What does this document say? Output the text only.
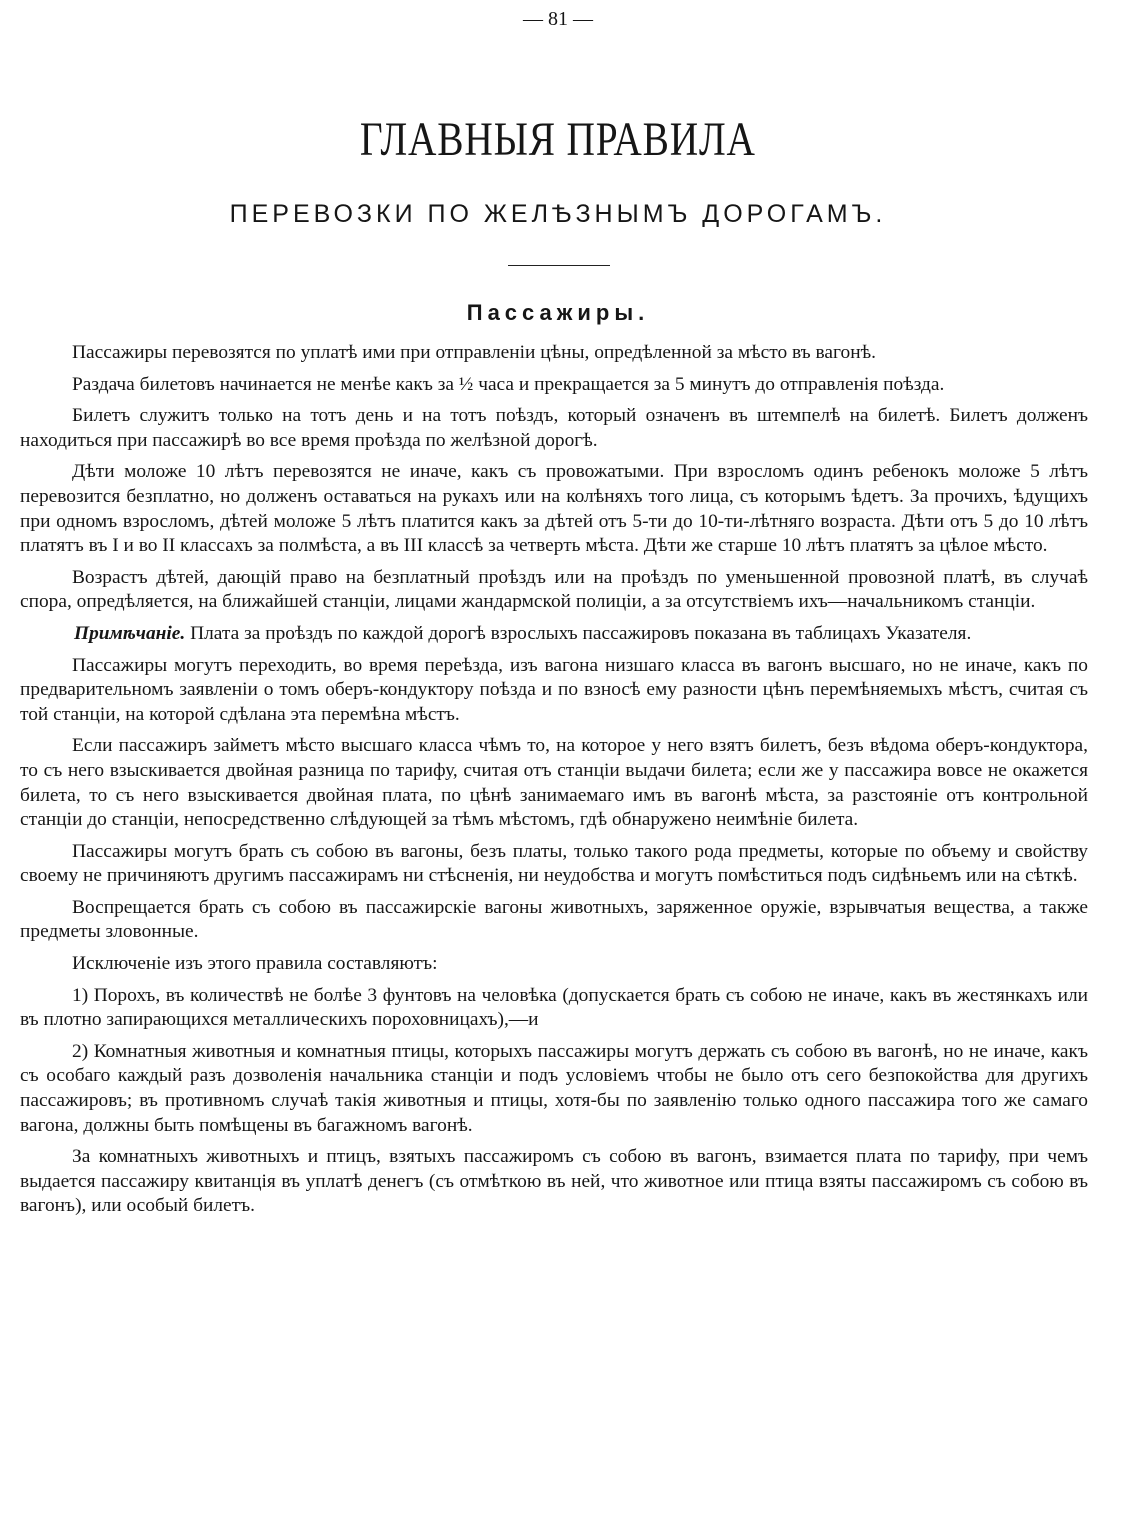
— 81 —
ГЛАВНЫЯ ПРАВИЛА
ПЕРЕВОЗКИ ПО ЖЕЛѢЗНЫМЪ ДОРОГАМЪ.
Пассажиры.

Пассажиры перевозятся по уплатѣ ими при отправленіи цѣны, опредѣленной за мѣсто въ вагонѣ.

Раздача билетовъ начинается не менѣе какъ за ½ часа и прекращается за 5 минутъ до отправленія поѣзда.

Билетъ служитъ только на тотъ день и на тотъ поѣздъ, который означенъ въ штемпелѣ на билетѣ. Билетъ долженъ находиться при пассажирѣ во все время проѣзда по желѣзной дорогѣ.

Дѣти моложе 10 лѣтъ перевозятся не иначе, какъ съ провожатыми. При взросломъ одинъ ребенокъ моложе 5 лѣтъ перевозится безплатно, но долженъ оставаться на рукахъ или на колѣняхъ того лица, съ которымъ ѣдетъ. За прочихъ, ѣдущихъ при одномъ взросломъ, дѣтей моложе 5 лѣтъ платится какъ за дѣтей отъ 5-ти до 10-ти-лѣтняго возраста. Дѣти отъ 5 до 10 лѣтъ платятъ въ I и во II классахъ за полмѣста, а въ III классѣ за четверть мѣста. Дѣти же старше 10 лѣтъ платятъ за цѣлое мѣсто.

Возрастъ дѣтей, дающій право на безплатный проѣздъ или на проѣздъ по уменьшенной провозной платѣ, въ случаѣ спора, опредѣляется, на ближайшей станціи, лицами жандармской полиціи, а за отсутствіемъ ихъ—начальникомъ станціи.

Примѣчаніе. Плата за проѣздъ по каждой дорогѣ взрослыхъ пассажировъ показана въ таблицахъ Указателя.

Пассажиры могутъ переходить, во время переѣзда, изъ вагона низшаго класса въ вагонъ высшаго, но не иначе, какъ по предварительномъ заявленіи о томъ оберъ-кондуктору поѣзда и по взносѣ ему разности цѣнъ перемѣняемыхъ мѣстъ, считая съ той станціи, на которой сдѣлана эта перемѣна мѣстъ.

Если пассажиръ займетъ мѣсто высшаго класса чѣмъ то, на которое у него взятъ билетъ, безъ вѣдома оберъ-кондуктора, то съ него взыскивается двойная разница по тарифу, считая отъ станціи выдачи билета; если же у пассажира вовсе не окажется билета, то съ него взыскивается двойная плата, по цѣнѣ занимаемаго имъ въ вагонѣ мѣста, за разстояніе отъ контрольной станціи до станціи, непосредственно слѣдующей за тѣмъ мѣстомъ, гдѣ обнаружено неимѣніе билета.

Пассажиры могутъ брать съ собою въ вагоны, безъ платы, только такого рода предметы, которые по объему и свойству своему не причиняютъ другимъ пассажирамъ ни стѣсненія, ни неудобства и могутъ помѣститься подъ сидѣньемъ или на сѣткѣ.

Воспрещается брать съ собою въ пассажирскіе вагоны животныхъ, заряженное оружіе, взрывчатыя вещества, а также предметы зловонные.

Исключеніе изъ этого правила составляютъ:

1) Порохъ, въ количествѣ не болѣе 3 фунтовъ на человѣка (допускается брать съ собою не иначе, какъ въ жестянкахъ или въ плотно запирающихся металлическихъ пороховницахъ),—и

2) Комнатныя животныя и комнатныя птицы, которыхъ пассажиры могутъ держать съ собою въ вагонѣ, но не иначе, какъ съ особаго каждый разъ дозволенія начальника станціи и подъ условіемъ чтобы не было отъ сего безпокойства для другихъ пассажировъ; въ противномъ случаѣ такія животныя и птицы, хотя-бы по заявленію только одного пассажира того же самаго вагона, должны быть помѣщены въ багажномъ вагонѣ.

За комнатныхъ животныхъ и птицъ, взятыхъ пассажиромъ съ собою въ вагонъ, взимается плата по тарифу, при чемъ выдается пассажиру квитанція въ уплатѣ денегъ (съ отмѣткою въ ней, что животное или птица взяты пассажиромъ съ собою въ вагонъ), или особый билетъ.
